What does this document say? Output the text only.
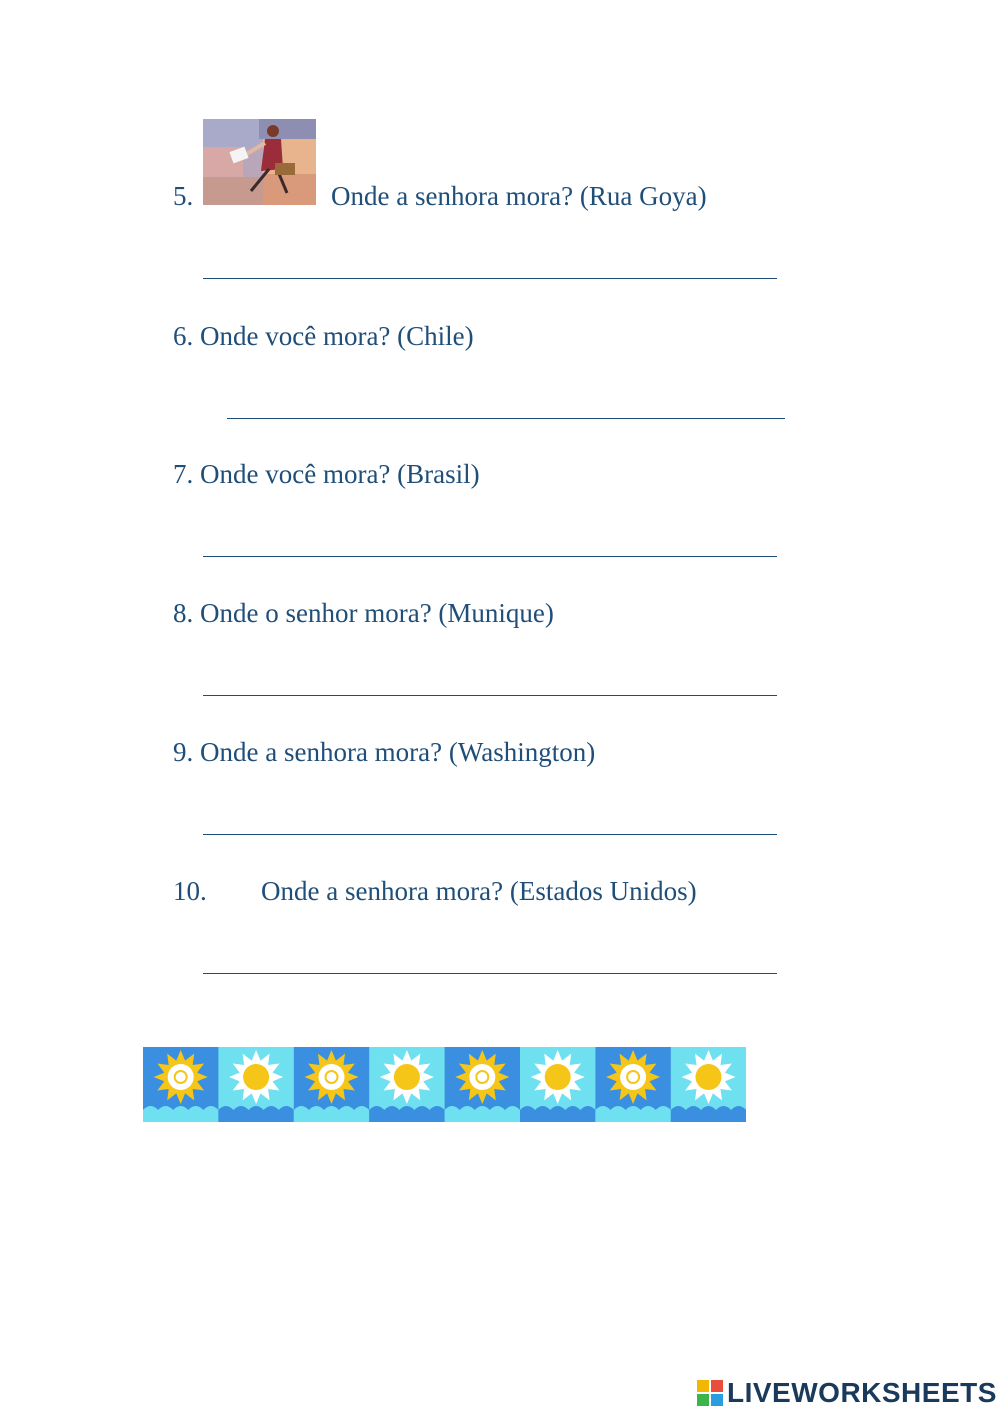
5.	Onde a senhora mora? (Rua Goya)
6. Onde você mora? (Chile)
7. Onde você mora? (Brasil)
8. Onde o senhor mora? (Munique)
9. Onde a senhora mora? (Washington)
10. Onde a senhora mora? (Estados Unidos)
LIVEWORKSHEETS
